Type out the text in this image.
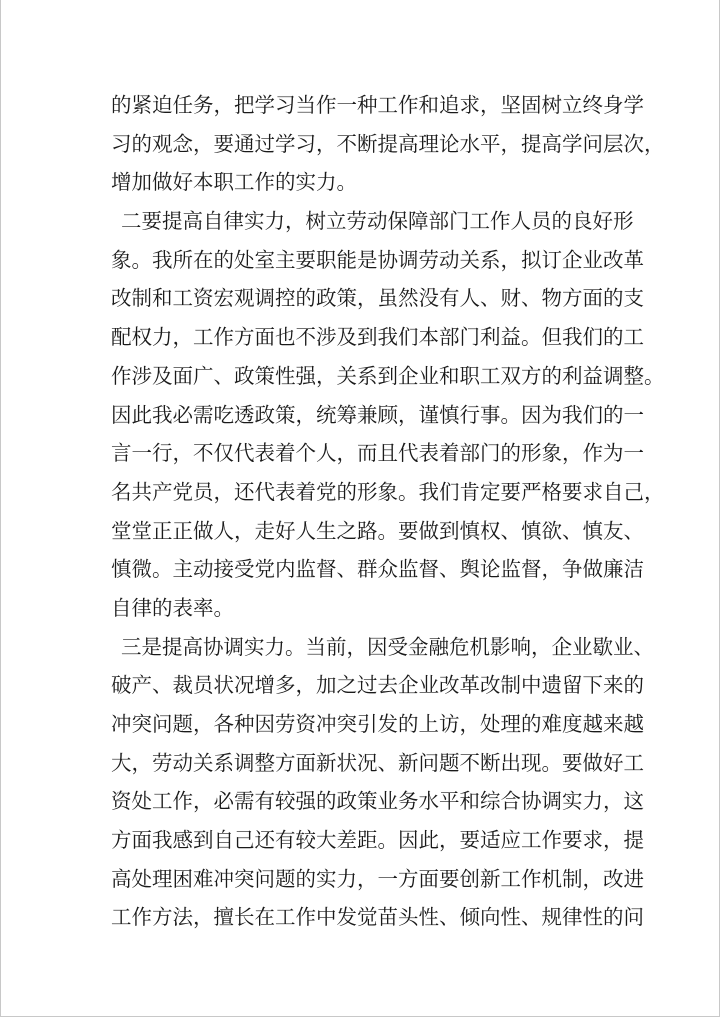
的紧迫任务，把学习当作一种工作和追求，坚固树立终身学
习的观念，要通过学习，不断提高理论水平，提高学问层次，
增加做好本职工作的实力。
二要提高自律实力，树立劳动保障部门工作人员的良好形
象。我所在的处室主要职能是协调劳动关系，拟订企业改革
改制和工资宏观调控的政策，虽然没有人、财、物方面的支
配权力，工作方面也不涉及到我们本部门利益。但我们的工
作涉及面广、政策性强，关系到企业和职工双方的利益调整。
因此我必需吃透政策，统筹兼顾，谨慎行事。因为我们的一
言一行，不仅代表着个人，而且代表着部门的形象，作为一
名共产党员，还代表着党的形象。我们肯定要严格要求自己，
堂堂正正做人，走好人生之路。要做到慎权、慎欲、慎友、
慎微。主动接受党内监督、群众监督、舆论监督，争做廉洁
自律的表率。
三是提高协调实力。当前，因受金融危机影响，企业歇业、
破产、裁员状况增多，加之过去企业改革改制中遗留下来的
冲突问题，各种因劳资冲突引发的上访，处理的难度越来越
大，劳动关系调整方面新状况、新问题不断出现。要做好工
资处工作，必需有较强的政策业务水平和综合协调实力，这
方面我感到自己还有较大差距。因此，要适应工作要求，提
高处理困难冲突问题的实力，一方面要创新工作机制，改进
工作方法，擅长在工作中发觉苗头性、倾向性、规律性的问
